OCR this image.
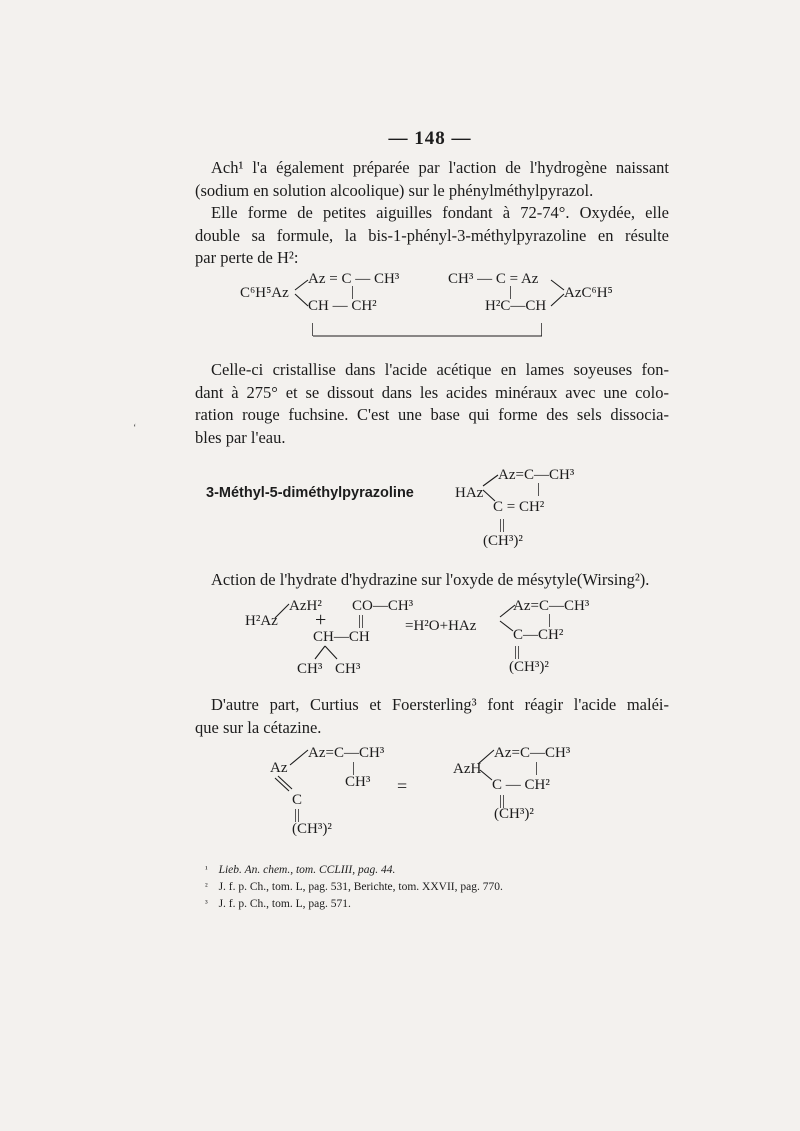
— 148 —
Ach¹ l'a également préparée par l'action de l'hydrogène naissant
(sodium en solution alcoolique) sur le phénylméthylpyrazol.
Elle forme de petites aiguilles fondant à 72-74°. Oxydée, elle
double sa formule, la bis-1-phényl-3-méthylpyrazoline en résulte
par perte de H²:
Az = C — CH³
C⁶H⁵Az	|
CH — CH²
|
CH³ — C = Az
|
H²C—CH
AzC⁶H⁵
|
Celle-ci cristallise dans l'acide acétique en lames soyeuses fon-
dant à 275° et se dissout dans les acides minéraux avec une colo-
ration rouge fuchsine. C'est une base qui forme des sels dissocia-
bles par l'eau.
‘
3-Méthyl-5-diméthylpyrazoline
Az=C—CH³
HAz	|
C = CH²
||
(CH³)²
Action de l'hydrate d'hydrazine sur l'oxyde de mésytyle(Wirsing²).
H²Az
AzH² CO—CH³
+ ||
CH—CH
CH³ CH³
=H²O+HAz
Az=C—CH³
|
C—CH²
||
(CH³)²
D'autre part, Curtius et Foersterling³ font réagir l'acide maléi-
que sur la cétazine.
Az=C—CH³
Az	|
CH³
C
||
(CH³)²
=
AzH
Az=C—CH³
|
C — CH²
||
(CH³)²
$^{^1}$ Lieb. An. chem., tom. CCLIII, pag. 44.
$^{^2}$ J. f. p. Ch., tom. L, pag. 531, Berichte, tom. XXVII, pag. 770.
$^{^3}$ J. f. p. Ch., tom. L, pag. 571.
